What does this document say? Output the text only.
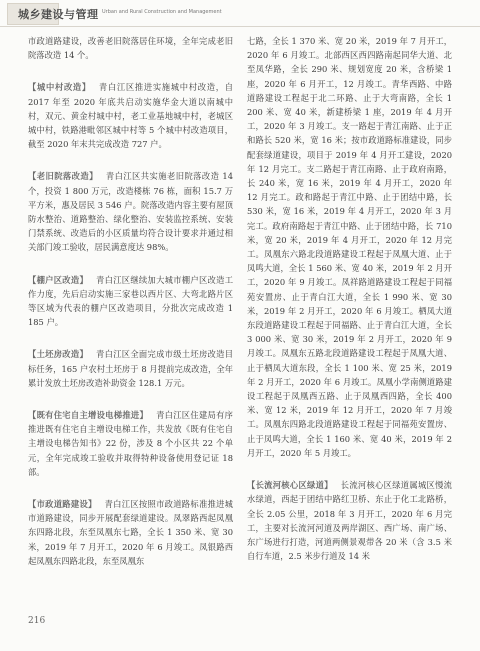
城乡建设与管理 Urban and Rural Construction and Management

市政道路建设，改善老旧院落居住环境，全年完成老旧院落改造 14 个。

【城中村改造】 青白江区推进实施城中村改造，自 2017 年至 2020 年底共启动实施华金大道以南城中村，双元、黄金村城中村，老工业基地城中村，老城区城中村，铁路港毗邻区城中村等 5 个城中村改造项目，截至 2020 年末共完成改造 727 户。

【老旧院落改造】 青白江区共实施老旧院落改造 14 个，投资 1 800 万元，改造楼栋 76 栋，面积 15.7 万平方米，惠及居民 3 546 户。院落改造内容主要有屋顶防水整治、道路整治、绿化整治、安装监控系统、安装门禁系统、改造后的小区质量均符合设计要求并通过相关部门竣工验收，居民满意度达 98%。

【棚户区改造】 青白江区继续加大城市棚户区改造工作力度，先后启动实施三家巷以西片区、大弯北路片区等区域为代表的棚户区改造项目，分批次完成改造 1 185 户。

【土坯房改造】 青白江区全面完成市级土坯房改造目标任务，165 户农村土坯房于 8 月提前完成改造，全年累计发放土坯房改造补助资金 128.1 万元。

【既有住宅自主增设电梯推进】 青白江区住建局有序推进既有住宅自主增设电梯工作，共发放《既有住宅自主增设电梯告知书》22 份，涉及 8 个小区共 22 个单元，全年完成竣工验收并取得特种设备使用登记证 18 部。

【市政道路建设】 青白江区按照市政道路标准推进城市道路建设，同步开展配套绿道建设。凤翠路西起凤凰东四路北段，东至凤凰东七路，全长 1 350 米、宽 30 米，2019 年 7 月开工，2020 年 6 月竣工。凤银路西起凤凰东四路北段，东至凤凰东

七路，全长 1 370 米、宽 20 米，2019 年 7 月开工，2020 年 6 月竣工。北部西区西四路南起同华大道、北至凤华路，全长 290 米、规划宽度 20 米，含桥梁 1 座，2020 年 6 月开工，12 月竣工。青华西路、中路道路建设工程起于北二环路、止于大弯南路，全长 1 200 米、宽 40 米，新建桥梁 1 座，2019 年 4 月开工，2020 年 3 月竣工。支一路起于青江南路、止于正和路长 520 米，宽 16 米；按市政道路标准建设，同步配套绿道建设，项目于 2019 年 4 月开工建设，2020 年 12 月完工。支二路起于青江南路、止于政府南路，长 240 米，宽 16 米，2019 年 4 月开工，2020 年 12 月完工。政和路起于青江中路、止于团结中路，长 530 米，宽 16 米，2019 年 4 月开工，2020 年 3 月完工。政府南路起于青江中路、止于团结中路，长 710 米，宽 20 米，2019 年 4 月开工，2020 年 12 月完工。凤凰东六路北段道路建设工程起于凤凰大道、止于凤鸣大道，全长 1 560 米、宽 40 米，2019 年 2 月开工，2020 年 9 月竣工。凤祥路道路建设工程起于同福苑安置房、止于青白江大道，全长 1 990 米、宽 30 米，2019 年 2 月开工，2020 年 6 月竣工。栖凤大道东段道路建设工程起于同福路、止于青白江大道，全长 3 000 米、宽 30 米，2019 年 2 月开工，2020 年 9 月竣工。凤凰东五路北段道路建设工程起于凤凰大道、止于栖凤大道东段，全长 1 100 米、宽 25 米，2019 年 2 月开工，2020 年 6 月竣工。凤凰小学南侧道路建设工程起于凤凰西五路、止于凤凰西四路，全长 400 米、宽 12 米，2019 年 12 月开工，2020 年 7 月竣工。凤凰东四路北段道路建设工程起于同福苑安置房、止于凤鸣大道，全长 1 160 米、宽 40 米，2019 年 2 月开工，2020 年 5 月竣工。

【长流河核心区绿道】 长流河核心区绿道属城区慢流水绿道，西起于团结中路红卫桥、东止于化工北路桥，全长 2.05 公里，2018 年 3 月开工，2020 年 6 月完工，主要对长流河河道及两岸湖区、西广场、南广场、东广场进行打造，河道两侧景观带各 20 米（含 3.5 米自行车道，2.5 米步行道及 14 米

216
